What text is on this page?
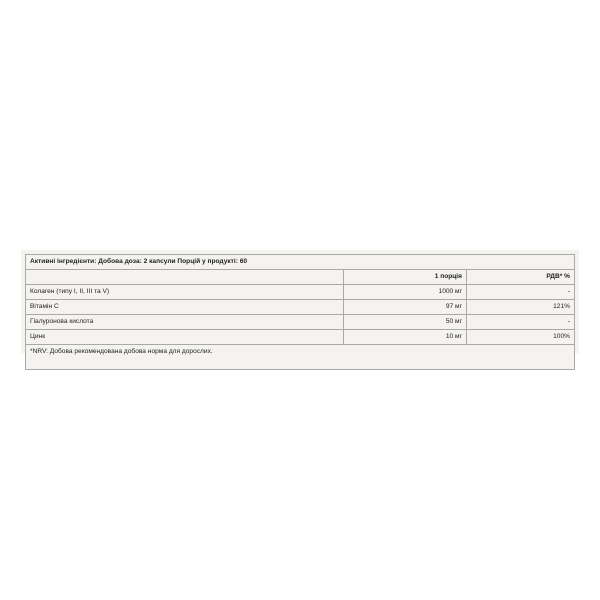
Активні інгредієнти: Добова доза: 2 капсули Порцій у продукті: 60		
	1 порція	РДВ* %
Колаген (типу I, II, III та V)	1000 мг	-
Вітамін С	97 мг	121%
Гіалуронова кислота	50 мг	-
Цинк	10 мг	100%
*NRV: Добова рекомендована добова норма для дорослих.		
